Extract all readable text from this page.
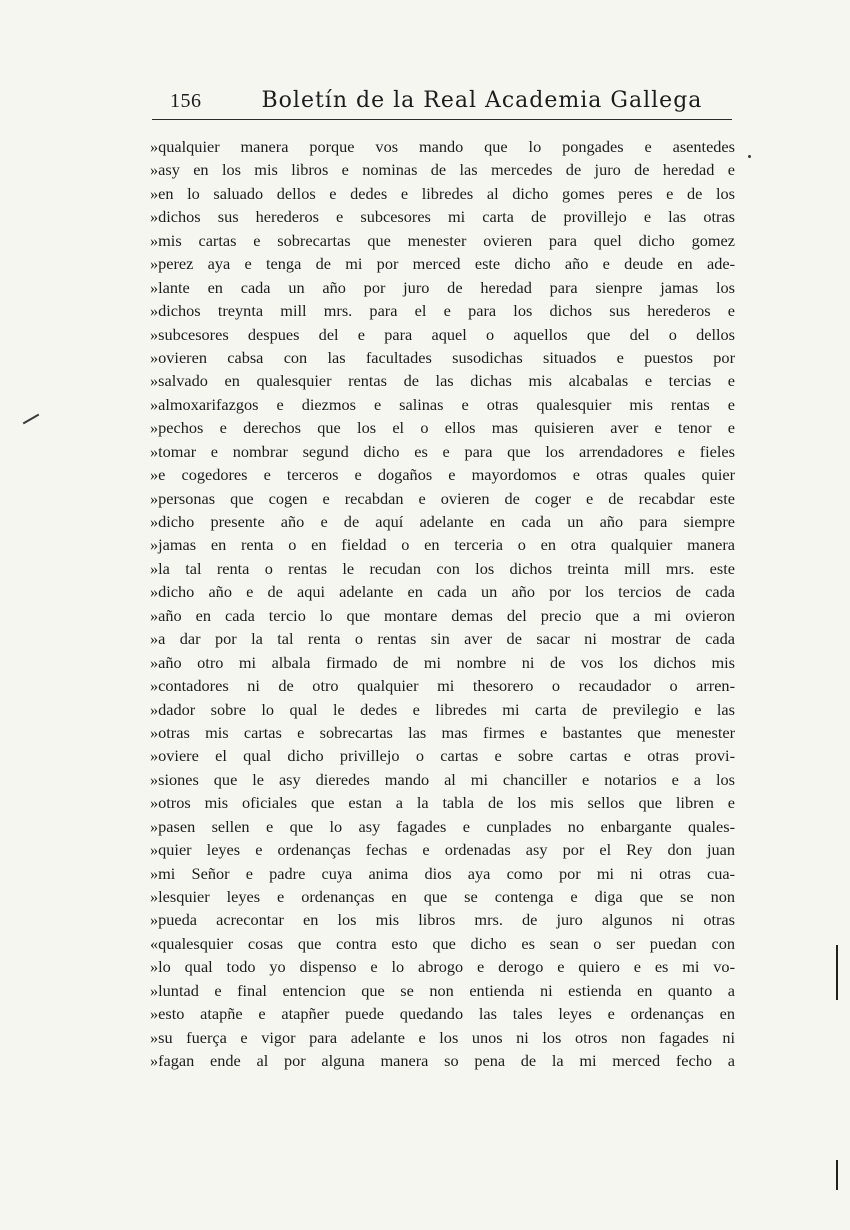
156	Boletín de la Real Academia Gallega
»qualquier manera porque vos mando que lo pongades e asentedes
»asy en los mis libros e nominas de las mercedes de juro de heredad e
»en lo saluado dellos e dedes e libredes al dicho gomes peres e de los
»dichos sus herederos e subcesores mi carta de provillejo e las otras
»mis cartas e sobrecartas que menester ovieren para quel dicho gomez
»perez aya e tenga de mi por merced este dicho año e deude en ade-
»lante en cada un año por juro de heredad para sienpre jamas los
»dichos treynta mill mrs. para el e para los dichos sus herederos e
»subcesores despues del e para aquel o aquellos que del o dellos
»ovieren cabsa con las facultades susodichas situados e puestos por
»salvado en qualesquier rentas de las dichas mis alcabalas e tercias e
»almoxarifazgos e diezmos e salinas e otras qualesquier mis rentas e
»pechos e derechos que los el o ellos mas quisieren aver e tenor e
»tomar e nombrar segund dicho es e para que los arrendadores e fieles
»e cogedores e terceros e dogaños e mayordomos e otras quales quier
»personas que cogen e recabdan e ovieren de coger e de recabdar este
»dicho presente año e de aquí adelante en cada un año para siempre
»jamas en renta o en fieldad o en terceria o en otra qualquier manera
»la tal renta o rentas le recudan con los dichos treinta mill mrs. este
»dicho año e de aqui adelante en cada un año por los tercios de cada
»año en cada tercio lo que montare demas del precio que a mi ovieron
»a dar por la tal renta o rentas sin aver de sacar ni mostrar de cada
»año otro mi albala firmado de mi nombre ni de vos los dichos mis
»contadores ni de otro qualquier mi thesorero o recaudador o arren-
»dador sobre lo qual le dedes e libredes mi carta de previlegio e las
»otras mis cartas e sobrecartas las mas firmes e bastantes que menester
»oviere el qual dicho privillejo o cartas e sobre cartas e otras provi-
»siones que le asy dieredes mando al mi chanciller e notarios e a los
»otros mis oficiales que estan a la tabla de los mis sellos que libren e
»pasen sellen e que lo asy fagades e cunplades no enbargante quales-
»quier leyes e ordenanças fechas e ordenadas asy por el Rey don juan
»mi Señor e padre cuya anima dios aya como por mi ni otras cua-
»lesquier leyes e ordenanças en que se contenga e diga que se non
»pueda acrecontar en los mis libros mrs. de juro algunos ni otras
«qualesquier cosas que contra esto que dicho es sean o ser puedan con
»lo qual todo yo dispenso e lo abrogo e derogo e quiero e es mi vo-
»luntad e final entencion que se non entienda ni estienda en quanto a
»esto atapñe e atapñer puede quedando las tales leyes e ordenanças en
»su fuerça e vigor para adelante e los unos ni los otros non fagades ni
»fagan ende al por alguna manera so pena de la mi merced fecho a
